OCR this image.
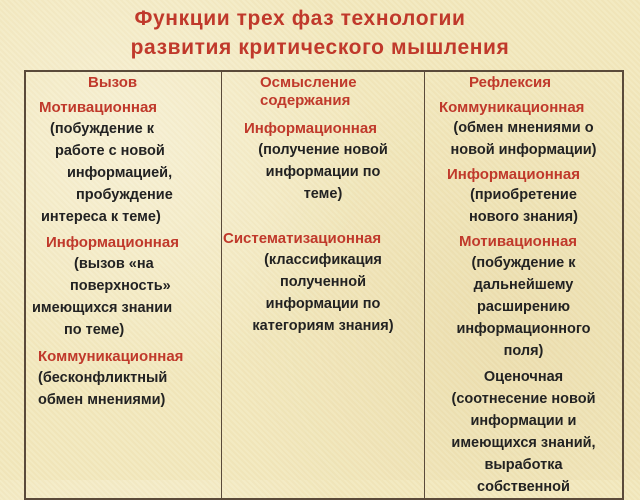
Функции трех фаз технологии
развития критического мышления
Вызов
Мотивационная
(побуждение к
работе с новой
информацией,
пробуждение
интереса к теме)
Информационная
(вызов «на
поверхность»
имеющихся знании
по теме)
Коммуникационная
(бесконфликтный
обмен мнениями)
Осмысление
содержания
Информационная
(получение новой
информации по
теме)
Систематизационная
(классификация
полученной
информации по
категориям знания)
Рефлексия
Коммуникационная
(обмен мнениями о
новой информации)
Информационная
(приобретение
нового знания)
Мотивационная
(побуждение к
дальнейшему
расширению
информационного
поля)
Оценочная
(соотнесение новой
информации и
имеющихся знаний,
выработка
собственной
